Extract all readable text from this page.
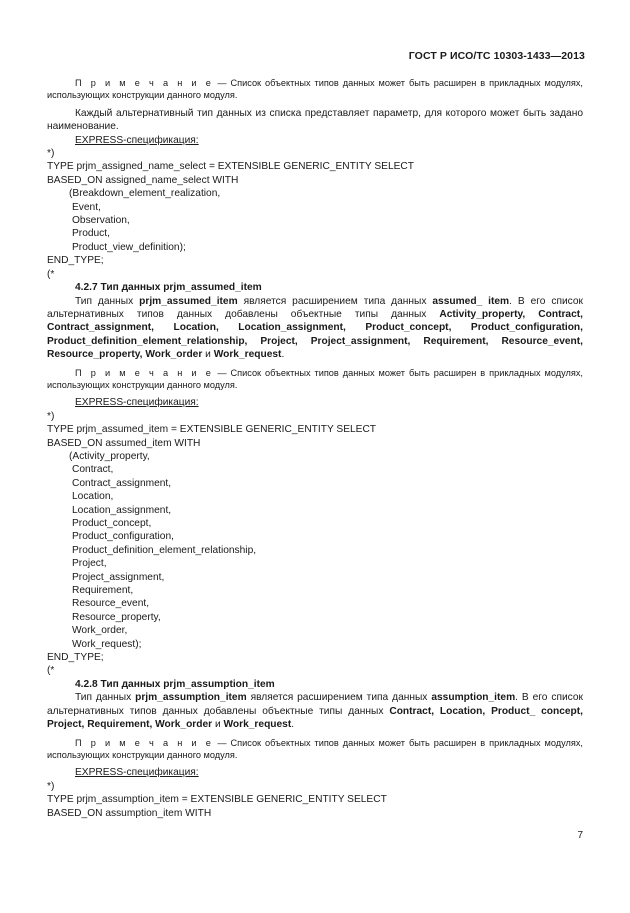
ГОСТ Р ИСО/ТС 10303-1433—2013

П р и м е ч а н и е — Список объектных типов данных может быть расширен в прикладных модулях, использующих конструкции данного модуля.

Каждый альтернативный тип данных из списка представляет параметр, для которого может быть задано наименование.

EXPRESS-спецификация:

*)

TYPE prjm_assigned_name_select = EXTENSIBLE GENERIC_ENTITY SELECT

BASED_ON assigned_name_select WITH

(Breakdown_element_realization,

Event,

Observation,

Product,

Product_view_definition);

END_TYPE;

(*

4.2.7 Тип данных prjm_assumed_item

Тип данных prjm_assumed_item является расширением типа данных assumed_ item. В его список альтернативных типов данных добавлены объектные типы данных Activity_property, Contract, Contract_assignment, Location, Location_assignment, Product_concept, Product_configuration, Product_definition_element_relationship, Project, Project_assignment, Requirement, Resource_event, Resource_property, Work_order и Work_request.

П р и м е ч а н и е — Список объектных типов данных может быть расширен в прикладных модулях, использующих конструкции данного модуля.

EXPRESS-спецификация:

*)

TYPE prjm_assumed_item = EXTENSIBLE GENERIC_ENTITY SELECT

BASED_ON assumed_item WITH

(Activity_property,

Contract,

Contract_assignment,

Location,

Location_assignment,

Product_concept,

Product_configuration,

Product_definition_element_relationship,

Project,

Project_assignment,

Requirement,

Resource_event,

Resource_property,

Work_order,

Work_request);

END_TYPE;

(*

4.2.8 Тип данных prjm_assumption_item

Тип данных prjm_assumption_item является расширением типа данных assumption_item. В его список альтернативных типов данных добавлены объектные типы данных Contract, Location, Product_ concept, Project, Requirement, Work_order и Work_request.

П р и м е ч а н и е — Список объектных типов данных может быть расширен в прикладных модулях, использующих конструкции данного модуля.

EXPRESS-спецификация:

*)

TYPE prjm_assumption_item = EXTENSIBLE GENERIC_ENTITY SELECT

BASED_ON assumption_item WITH

7
